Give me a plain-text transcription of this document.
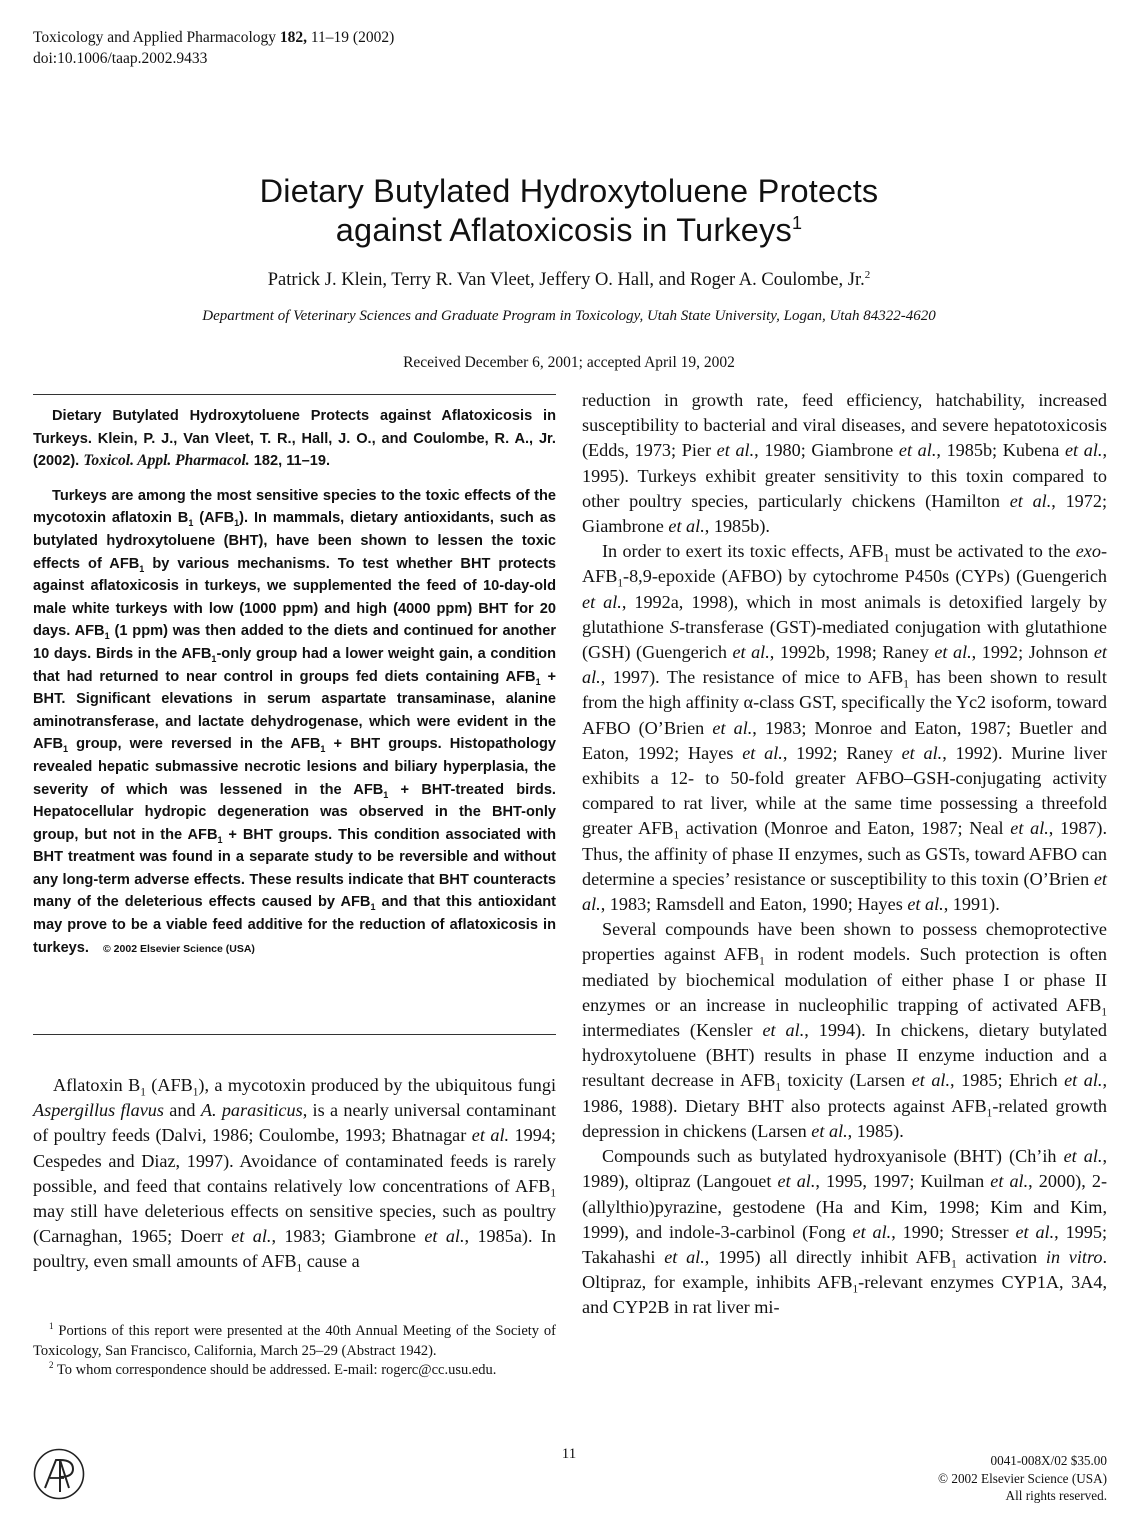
Toxicology and Applied Pharmacology 182, 11–19 (2002)
doi:10.1006/taap.2002.9433
Dietary Butylated Hydroxytoluene Protects
against Aflatoxicosis in Turkeys$^1$
Patrick J. Klein, Terry R. Van Vleet, Jeffery O. Hall, and Roger A. Coulombe, Jr.$^2$
Department of Veterinary Sciences and Graduate Program in Toxicology, Utah State University, Logan, Utah 84322-4620
Received December 6, 2001; accepted April 19, 2002

Dietary Butylated Hydroxytoluene Protects against Aflatoxicosis in Turkeys. Klein, P. J., Van Vleet, T. R., Hall, J. O., and Coulombe, R. A., Jr. (2002). Toxicol. Appl. Pharmacol. 182, 11–19.

Turkeys are among the most sensitive species to the toxic effects of the mycotoxin aflatoxin $B_1$ $(AFB_1)$. In mammals, dietary antioxidants, such as butylated hydroxytoluene (BHT), have been shown to lessen the toxic effects of $AFB_1$ by various mechanisms. To test whether BHT protects against aflatoxicosis in turkeys, we supplemented the feed of 10-day-old male white turkeys with low (1000 ppm) and high (4000 ppm) BHT for 20 days. $AFB_1$ (1 ppm) was then added to the diets and continued for another 10 days. Birds in the $AFB_1$-only group had a lower weight gain, a condition that had returned to near control in groups fed diets containing $AFB_1$ + BHT. Significant elevations in serum aspartate transaminase, alanine aminotransferase, and lactate dehydrogenase, which were evident in the $AFB_1$ group, were reversed in the $AFB_1$ + BHT groups. Histopathology revealed hepatic submassive necrotic lesions and biliary hyperplasia, the severity of which was lessened in the $AFB_1$ + BHT-treated birds. Hepatocellular hydropic degeneration was observed in the BHT-only group, but not in the $AFB_1$ + BHT groups. This condition associated with BHT treatment was found in a separate study to be reversible and without any long-term adverse effects. These results indicate that BHT counteracts many of the deleterious effects caused by $AFB_1$ and that this antioxidant may prove to be a viable feed additive for the reduction of aflatoxicosis in turkeys. © 2002 Elsevier Science (USA)

Aflatoxin $B_1$ $(AFB_1)$, a mycotoxin produced by the ubiquitous fungi Aspergillus flavus and A. parasiticus, is a nearly universal contaminant of poultry feeds (Dalvi, 1986; Coulombe, 1993; Bhatnagar et al. 1994; Cespedes and Diaz, 1997). Avoidance of contaminated feeds is rarely possible, and feed that contains relatively low concentrations of $AFB_1$ may still have deleterious effects on sensitive species, such as poultry (Carnaghan, 1965; Doerr et al., 1983; Giambrone et al., 1985a). In poultry, even small amounts of $AFB_1$ cause a

$^1$ Portions of this report were presented at the 40th Annual Meeting of the Society of Toxicology, San Francisco, California, March 25–29 (Abstract 1942).

$^2$ To whom correspondence should be addressed. E-mail: rogerc@cc.usu.edu.

reduction in growth rate, feed efficiency, hatchability, increased susceptibility to bacterial and viral diseases, and severe hepatotoxicosis (Edds, 1973; Pier et al., 1980; Giambrone et al., 1985b; Kubena et al., 1995). Turkeys exhibit greater sensitivity to this toxin compared to other poultry species, particularly chickens (Hamilton et al., 1972; Giambrone et al., 1985b).

In order to exert its toxic effects, $AFB_1$ must be activated to the exo-$AFB_1-8,9$-epoxide (AFBO) by cytochrome P450s (CYPs) (Guengerich et al., 1992a, 1998), which in most animals is detoxified largely by glutathione S-transferase (GST)-mediated conjugation with glutathione (GSH) (Guengerich et al., 1992b, 1998; Raney et al., 1992; Johnson et al., 1997). The resistance of mice to $AFB_1$ has been shown to result from the high affinity α-class GST, specifically the Yc2 isoform, toward AFBO (O’Brien et al., 1983; Monroe and Eaton, 1987; Buetler and Eaton, 1992; Hayes et al., 1992; Raney et al., 1992). Murine liver exhibits a 12- to 50-fold greater AFBO–GSH-conjugating activity compared to rat liver, while at the same time possessing a threefold greater $AFB_1$ activation (Monroe and Eaton, 1987; Neal et al., 1987). Thus, the affinity of phase II enzymes, such as GSTs, toward AFBO can determine a species’ resistance or susceptibility to this toxin (O’Brien et al., 1983; Ramsdell and Eaton, 1990; Hayes et al., 1991).

Several compounds have been shown to possess chemoprotective properties against $AFB_1$ in rodent models. Such protection is often mediated by biochemical modulation of either phase I or phase II enzymes or an increase in nucleophilic trapping of activated $AFB_1$ intermediates (Kensler et al., 1994). In chickens, dietary butylated hydroxytoluene (BHT) results in phase II enzyme induction and a resultant decrease in $AFB_1$ toxicity (Larsen et al., 1985; Ehrich et al., 1986, 1988). Dietary BHT also protects against $AFB_1$-related growth depression in chickens (Larsen et al., 1985).

Compounds such as butylated hydroxyanisole (BHT) (Ch’ih et al., 1989), oltipraz (Langouet et al., 1995, 1997; Kuilman et al., 2000), 2-(allylthio)pyrazine, gestodene (Ha and Kim, 1998; Kim and Kim, 1999), and indole-3-carbinol (Fong et al., 1990; Stresser et al., 1995; Takahashi et al., 1995) all directly inhibit $AFB_1$ activation in vitro. Oltipraz, for example, inhibits $AFB_1$-relevant enzymes CYP1A, 3A4, and CYP2B in rat liver mi-

11	0041-008X/02 $35.00
© 2002 Elsevier Science (USA)
All rights reserved.
